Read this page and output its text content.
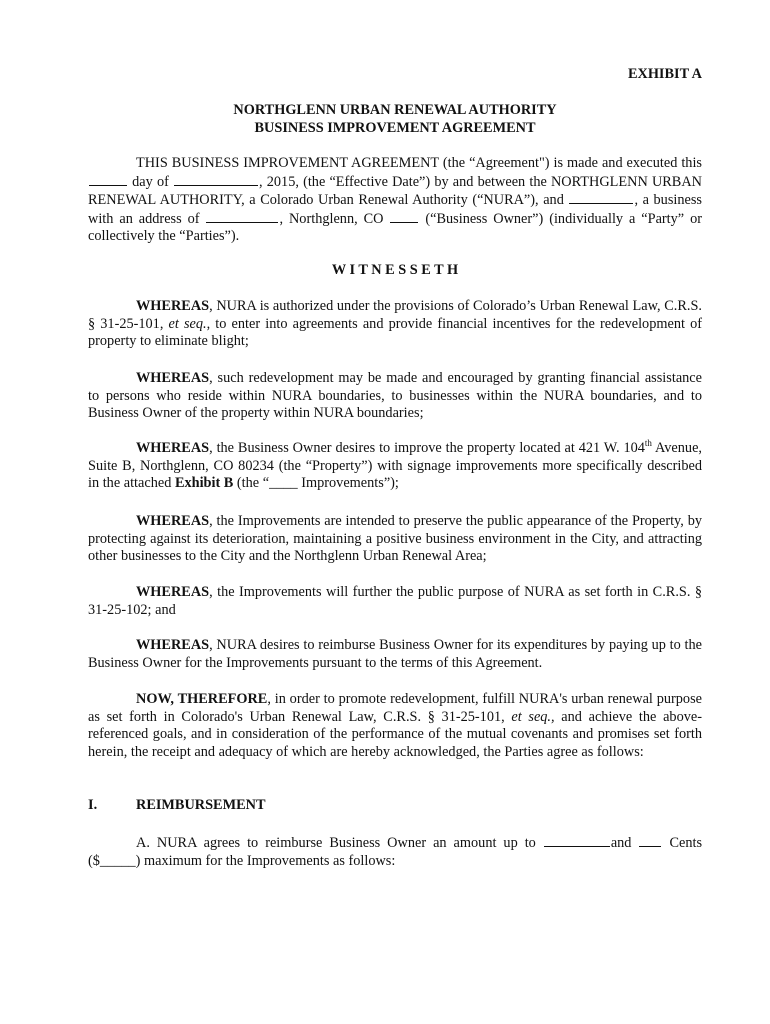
EXHIBIT A
NORTHGLENN URBAN RENEWAL AUTHORITY
BUSINESS IMPROVEMENT AGREEMENT

THIS BUSINESS IMPROVEMENT AGREEMENT (the “Agreement") is made and executed this  day of	, 2015, (the “Effective Date”) by and between the NORTHGLENN URBAN RENEWAL AUTHORITY, a Colorado Urban Renewal Authority (“NURA”), and	, a business with an address of	, Northglenn, CO  (“Business Owner”) (individually a “Party” or collectively the “Parties”).

W I T N E S S E T H

WHEREAS, NURA is authorized under the provisions of Colorado’s Urban Renewal Law, C.R.S. § 31-25-101, et seq., to enter into agreements and provide financial incentives for the redevelopment of property to eliminate blight;

WHEREAS, such redevelopment may be made and encouraged by granting financial assistance to persons who reside within NURA boundaries, to businesses within the NURA boundaries, and to Business Owner of the property within NURA boundaries;

WHEREAS, the Business Owner desires to improve the property located at 421 W. 104th Avenue, Suite B, Northglenn, CO 80234 (the “Property”) with signage improvements more specifically described in the attached Exhibit B (the “____ Improvements”);

WHEREAS, the Improvements are intended to preserve the public appearance of the Property, by protecting against its deterioration, maintaining a positive business environment in the City, and attracting other businesses to the City and the Northglenn Urban Renewal Area;

WHEREAS, the Improvements will further the public purpose of NURA as set forth in C.R.S. § 31-25-102; and

WHEREAS, NURA desires to reimburse Business Owner for its expenditures by paying up to the Business Owner for the Improvements pursuant to the terms of this Agreement.

NOW, THEREFORE, in order to promote redevelopment, fulfill NURA's urban renewal purpose as set forth in Colorado's Urban Renewal Law, C.R.S. § 31-25-101, et seq., and achieve the above-referenced goals, and in consideration of the performance of the mutual covenants and promises set forth herein, the receipt and adequacy of which are hereby acknowledged, the Parties agree as follows:

I.	REIMBURSEMENT

A. NURA agrees to reimburse Business Owner an amount up to	and  Cents ($_____) maximum for the Improvements as follows:
